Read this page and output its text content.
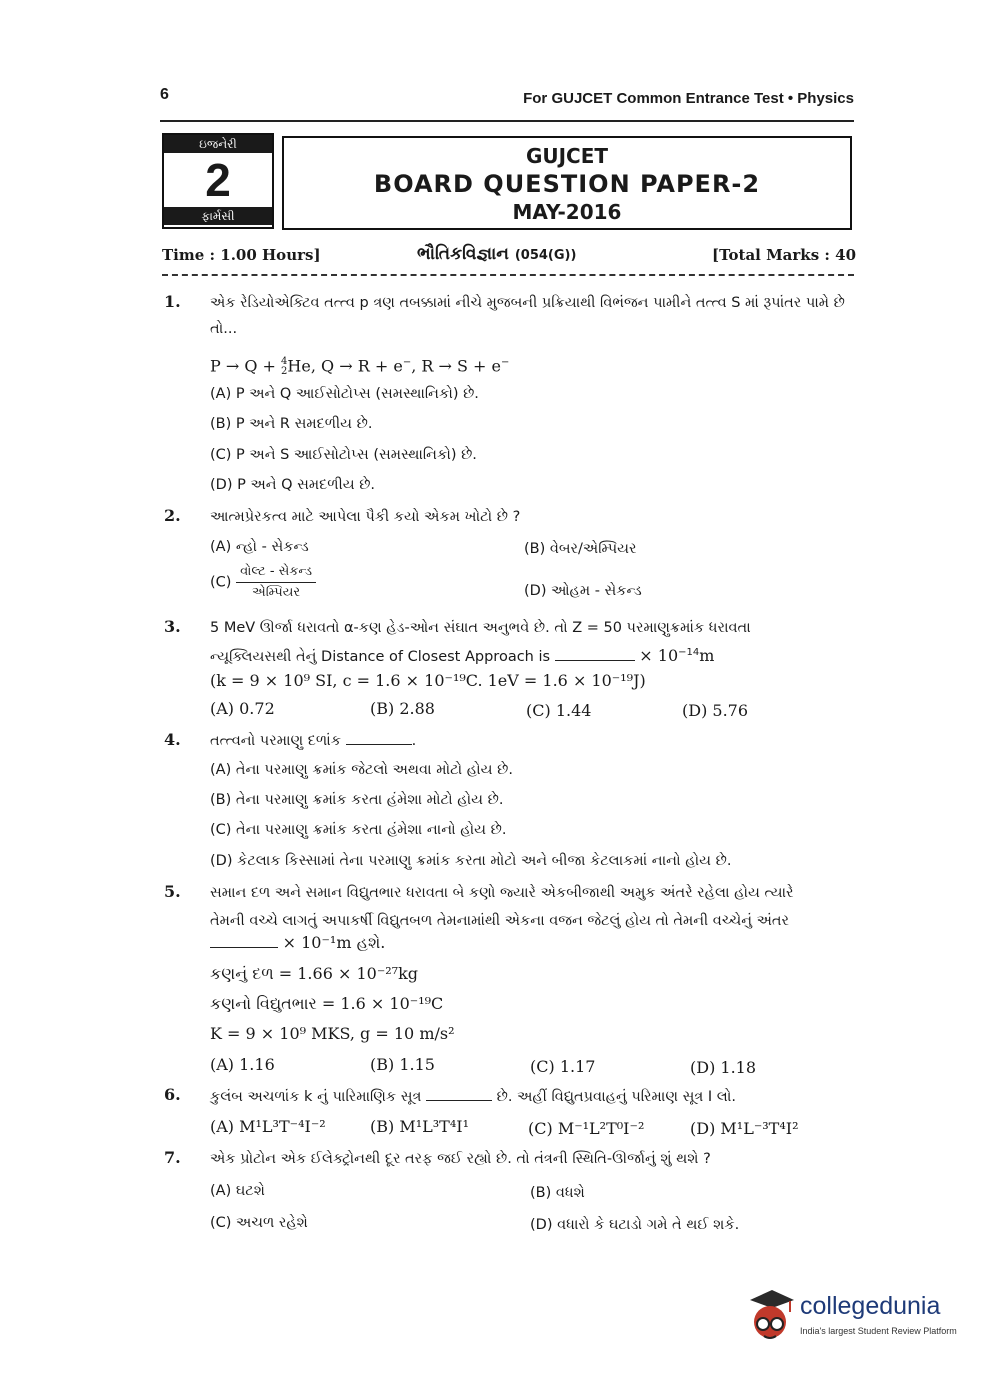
6	For GUJCET Common Entrance Test • Physics
ઇજનેરી
2
ફાર્મસી
GUJCET
BOARD QUESTION PAPER-2
MAY-2016
Time : 1.00 Hours]	ભૌતિકવિજ્ઞાન (054(G))	[Total Marks : 40
1. એક રેડિયોએક્ટિવ તત્ત્વ p ત્રણ તબક્કામાં નીચે મુજબની પ્રક્રિયાથી વિભંજન પામીને તત્ત્વ S માં રૂપાંતર પામે છે તો...
P → Q + 4
2 He, Q → R + e−, R → S + e−
(A) P અને Q આઈસોટોપ્સ (સમસ્થાનિકો) છે.
(B) P અને R સમદળીય છે.
(C) P અને S આઈસોટોપ્સ (સમસ્થાનિકો) છે.
(D) P અને Q સમદળીય છે.
2. આત્મપ્રેરકત્વ માટે આપેલા પૈકી કયો એકમ ખોટો છે ?
(A) ન્હો - સેકન્ડ	(B) વેબર/એમ્પિયર
$(C) \frac{\text{વોલ્ટ - સેકન્ડ}}{\text{એમ્પિયર}}$	(D) ઓહમ - સેકન્ડ
3. 5 MeV ઊર્જા ધરાવતો α-કણ હેડ-ઓન સંઘાત અનુભવે છે. તો Z = 50 પરમાણુક્રમાંક ધરાવતા
ન્યૂક્લિયસથી તેનું Distance of Closest Approach is	× $10^{-14}m$
(k = 9 × 10⁹ SI, c = 1.6 × 10⁻¹⁹C. 1eV = 1.6 × 10⁻¹⁹J)
(A) 0.72	(B) 2.88	(C) 1.44	(D) 5.76
4. તત્ત્વનો પરમાણુ દળાંક	.
(A) તેના પરમાણુ ક્રમાંક જેટલો અથવા મોટો હોય છે.
(B) તેના પરમાણુ ક્રમાંક કરતા હંમેશા મોટો હોય છે.
(C) તેના પરમાણુ ક્રમાંક કરતા હંમેશા નાનો હોય છે.
(D) કેટલાક કિસ્સામાં તેના પરમાણુ ક્રમાંક કરતા મોટો અને બીજા કેટલાકમાં નાનો હોય છે.
5. સમાન દળ અને સમાન વિદ્યુતભાર ધરાવતા બે કણો જ્યારે એકબીજાથી અમુક અંતરે રહેલા હોય ત્યારે
તેમની વચ્ચે લાગતું અપાકર્ષી વિદ્યુતબળ તેમનામાંથી એકના વજન જેટલું હોય તો તેમની વચ્ચેનું અંતર
× 10⁻¹m હશે.
કણનું દળ = 1.66 × 10⁻²⁷kg
કણનો વિદ્યુતભાર = 1.6 × 10⁻¹⁹C
K = 9 × 10⁹ MKS, g = 10 m/s²
(A) 1.16	(B) 1.15	(C) 1.17	(D) 1.18
6. કુલંબ અચળાંક k નું પારિમાણિક સૂત્ર	છે. અહીં વિદ્યુતપ્રવાહનું પરિમાણ સૂત્ર I લો.
(A) M¹L³T⁻⁴I⁻²	(B) M¹L³T⁴I¹	(C) M⁻¹L²T⁰I⁻²	(D) M¹L⁻³T⁴I²
7. એક પ્રોટોન એક ઈલેક્ટ્રોનથી દૂર તરફ જઈ રહ્યો છે. તો તંત્રની સ્થિતિ-ઊર્જાનું શું થશે ?
(A) ઘટશે	(B) વધશે
(C) અચળ રહેશે	(D) વધારો કે ઘટાડો ગમે તે થઈ શકે.
collegedunia
India's largest Student Review Platform
